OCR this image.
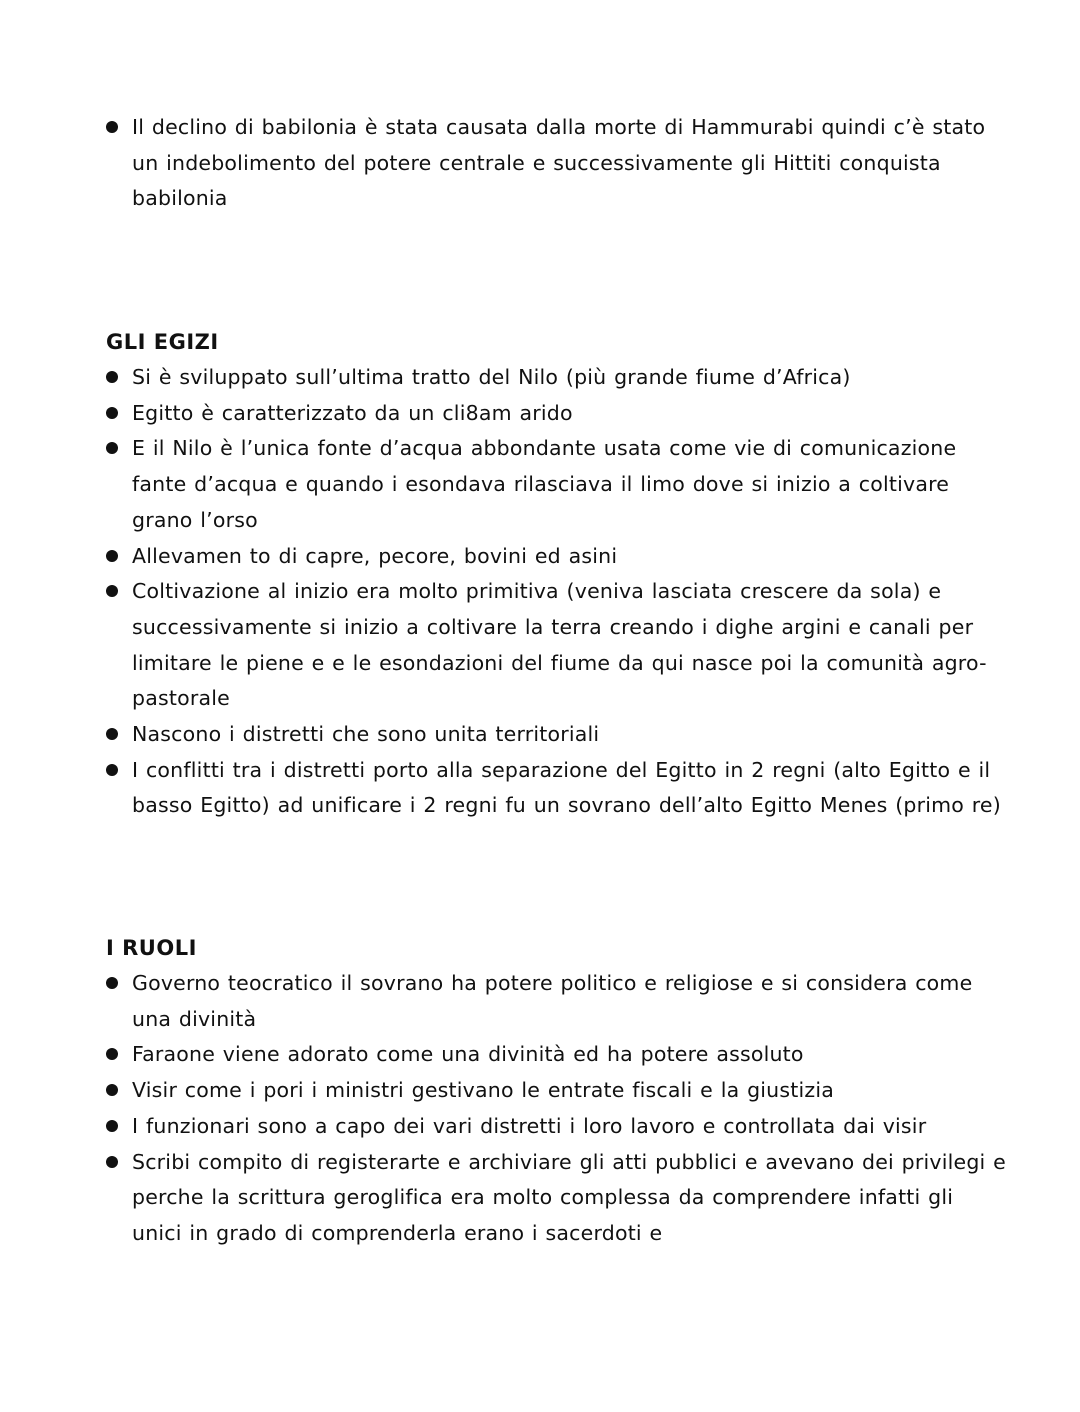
Il declino di babilonia è stata causata dalla morte di Hammurabi quindi c’è stato un indebolimento del potere centrale e successivamente gli Hittiti conquista babilonia
GLI EGIZI
Si è sviluppato sull’ultima tratto del Nilo (più grande fiume d’Africa)
Egitto è caratterizzato da un cli8am arido
E il Nilo è l’unica fonte d’acqua abbondante usata come vie di comunicazione fante d’acqua e quando i esondava rilasciava il limo dove si inizio a coltivare grano l’orso
Allevamen to di capre, pecore, bovini ed asini
Coltivazione al inizio era molto primitiva (veniva lasciata crescere da sola) e successivamente si inizio a coltivare la terra creando i dighe argini e canali per limitare le piene e e le esondazioni del fiume da qui nasce poi la comunità agro-pastorale
Nascono i distretti che sono unita territoriali
I conflitti tra i distretti porto alla separazione del Egitto in 2 regni (alto Egitto e il basso Egitto) ad unificare i 2 regni fu un sovrano dell’alto Egitto Menes (primo re)
I RUOLI
Governo teocratico il sovrano ha potere politico e religiose e si considera come una divinità
Faraone viene adorato come una divinità ed ha potere assoluto
Visir come i pori i ministri gestivano le entrate fiscali e la giustizia
I funzionari sono a capo dei vari distretti i loro lavoro e controllata dai visir
Scribi compito di registerarte e archiviare gli atti pubblici e avevano dei privilegi e perche la scrittura geroglifica era molto complessa da comprendere infatti gli unici in grado di comprenderla erano i sacerdoti e
